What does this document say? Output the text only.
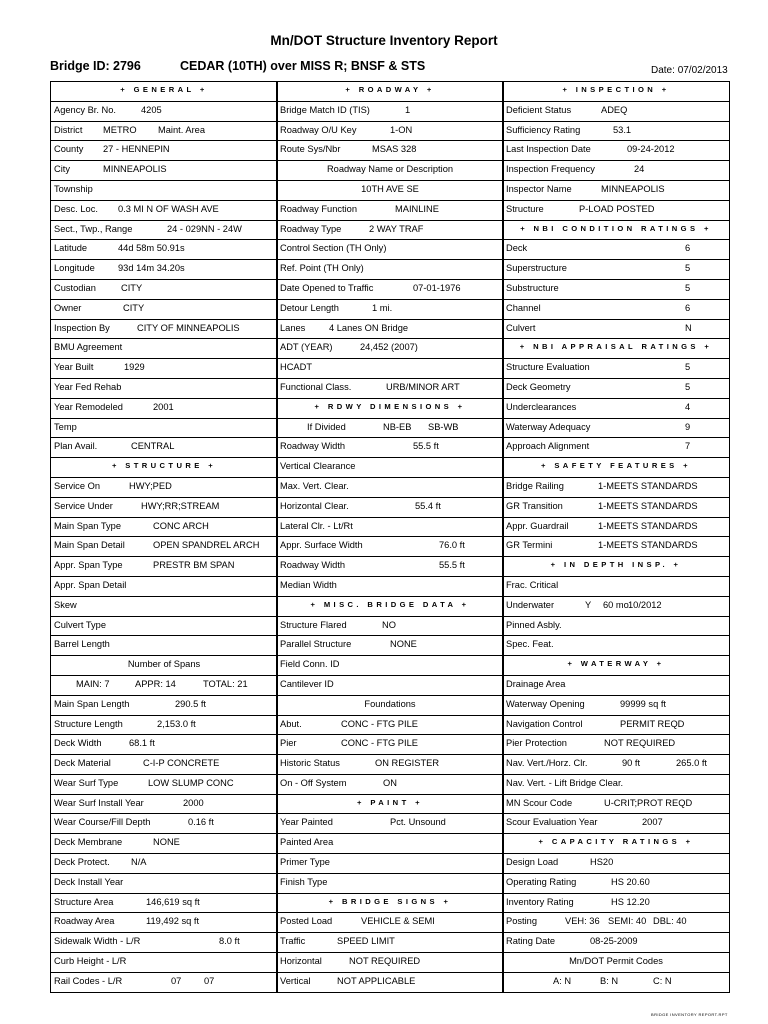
Mn/DOT Structure Inventory Report
Bridge ID: 2796	CEDAR (10TH) over MISS R; BNSF & STS	Date: 07/02/2013
+ GENERAL +
Agency Br. No.	4205
District METRO Maint. Area
County 27 - HENNEPIN
City	MINNEAPOLIS
Township
Desc. Loc. 0.3 MI N OF WASH AVE
Sect., Twp., Range	24 - 029NN - 24W
Latitude	44d 58m 50.91s
Longitude 93d 14m 34.20s
Custodian	CITY
Owner	CITY
Inspection By	CITY OF MINNEAPOLIS
BMU Agreement
Year Built	1929
Year Fed Rehab
Year Remodeled	2001
Temp
Plan Avail.	CENTRAL
+ STRUCTURE +
Service On	HWY;PED
Service Under	HWY;RR;STREAM
Main Span Type	CONC ARCH
Main Span Detail	OPEN SPANDREL ARCH
Appr. Span Type	PRESTR BM SPAN
Appr. Span Detail
Skew
Culvert Type
Barrel Length
Number of Spans
MAIN: 7	APPR: 14	TOTAL: 21
Main Span Length	290.5 ft
Structure Length	2,153.0 ft
Deck Width	68.1 ft
Deck Material	C-I-P CONCRETE
Wear Surf Type	LOW SLUMP CONC
Wear Surf Install Year	2000
Wear Course/Fill Depth	0.16 ft
Deck Membrane	NONE
Deck Protect. N/A
Deck Install Year
Structure Area	146,619 sq ft
Roadway Area	119,492 sq ft
Sidewalk Width - L/R	8.0 ft
Curb Height - L/R
Rail Codes - L/R	07 07
+ ROADWAY +
Bridge Match ID (TIS)	1
Roadway O/U Key	1-ON
Route Sys/Nbr	MSAS 328
Roadway Name or Description
10TH AVE SE
Roadway Function	MAINLINE
Roadway Type	2 WAY TRAF
Control Section (TH Only)
Ref. Point (TH Only)
Date Opened to Traffic	07-01-1976
Detour Length	1 mi.
Lanes	4 Lanes ON Bridge
ADT (YEAR)	24,452 (2007)
HCADT
Functional Class.	URB/MINOR ART
+ RDWY DIMENSIONS +
If Divided	NB-EB SB-WB
Roadway Width	55.5 ft
Vertical Clearance
Max. Vert. Clear.
Horizontal Clear.	55.4 ft
Lateral Clr. - Lt/Rt
Appr. Surface Width	76.0 ft
Roadway Width	55.5 ft
Median Width
+ MISC. BRIDGE DATA +
Structure Flared	NO
Parallel Structure	NONE
Field Conn. ID
Cantilever ID
Foundations
Abut.	CONC - FTG PILE
Pier	CONC - FTG PILE
Historic Status	ON REGISTER
On - Off System	ON
+ PAINT +
Year Painted	Pct. Unsound
Painted Area
Primer Type
Finish Type
+ BRIDGE SIGNS +
Posted Load	VEHICLE & SEMI
Traffic	SPEED LIMIT
Horizontal	NOT REQUIRED
Vertical	NOT APPLICABLE
+ INSPECTION +
Deficient Status	ADEQ
Sufficiency Rating	53.1
Last Inspection Date	09-24-2012
Inspection Frequency	24
Inspector Name	MINNEAPOLIS
Structure	P-LOAD POSTED
+ NBI CONDITION RATINGS +
Deck	6
Superstructure	5
Substructure	5
Channel	6
Culvert	N
+ NBI APPRAISAL RATINGS +
Structure Evaluation	5
Deck Geometry	5
Underclearances	4
Waterway Adequacy	9
Approach Alignment	7
+ SAFETY FEATURES +
Bridge Railing	1-MEETS STANDARDS
GR Transition	1-MEETS STANDARDS
Appr. Guardrail	1-MEETS STANDARDS
GR Termini	1-MEETS STANDARDS
+ IN DEPTH INSP. +
Frac. Critical
Underwater	Y 60 mo 10/2012
Pinned Asbly.
Spec. Feat.
+ WATERWAY +
Drainage Area
Waterway Opening	99999 sq ft
Navigation Control	PERMIT REQD
Pier Protection	NOT REQUIRED
Nav. Vert./Horz. Clr.	90 ft	265.0 ft
Nav. Vert. - Lift Bridge Clear.
MN Scour Code	U-CRIT;PROT REQD
Scour Evaluation Year	2007
+ CAPACITY RATINGS +
Design Load	HS20
Operating Rating	HS 20.60
Inventory Rating	HS 12.20
Posting	VEH: 36 SEMI: 40 DBL: 40
Rating Date	08-25-2009
Mn/DOT Permit Codes
A: N	B: N	C: N
BRIDGE INVENTORY REPORT.RPT
